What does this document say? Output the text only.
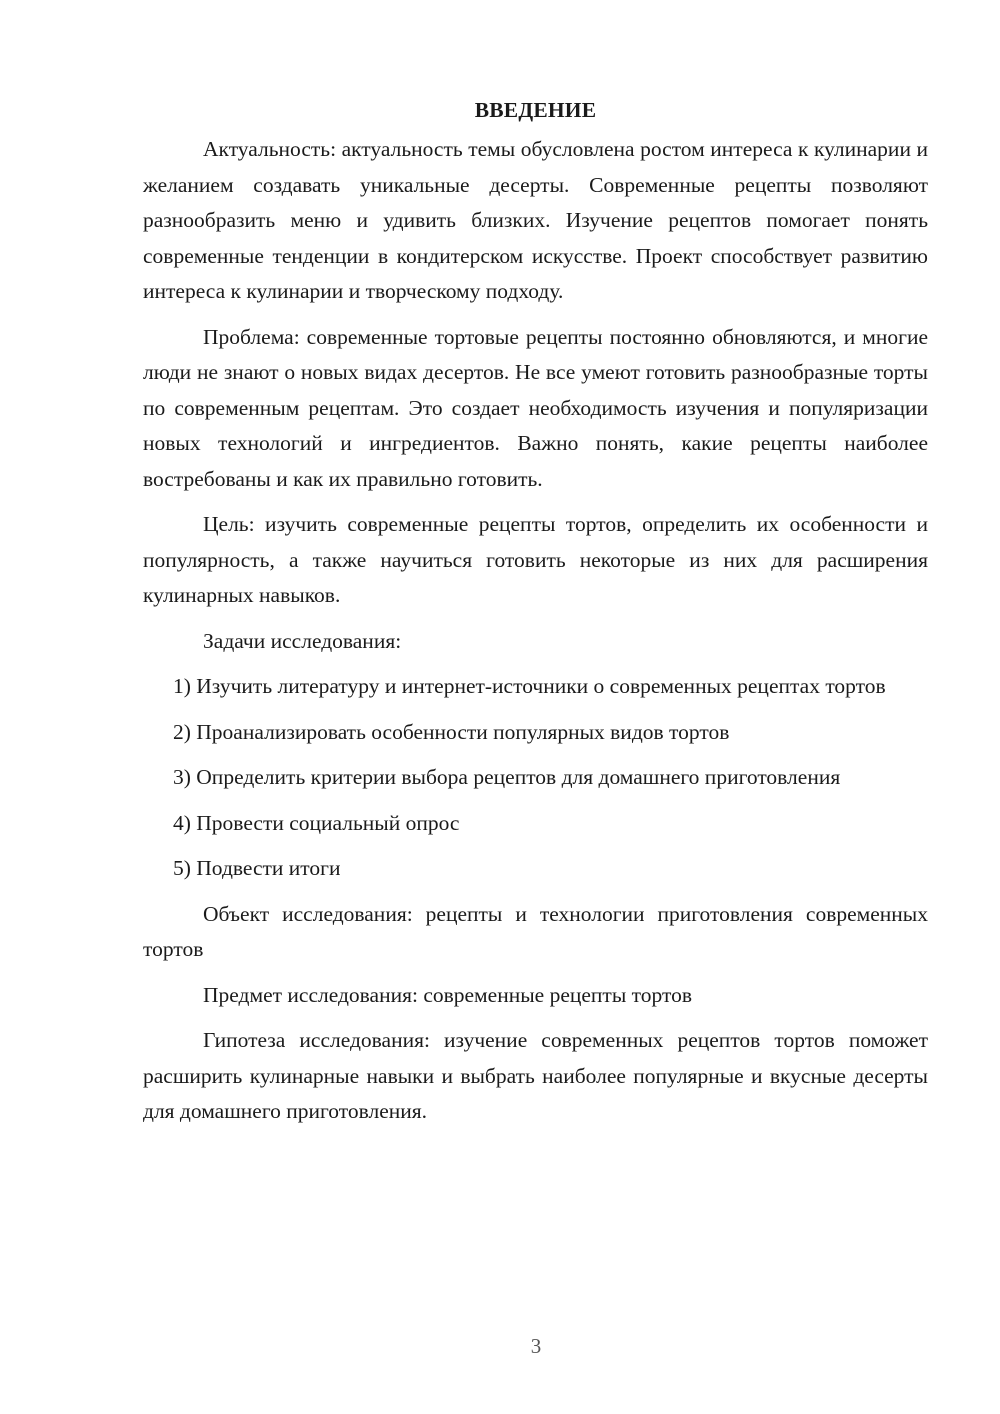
ВВЕДЕНИЕ

Актуальность: актуальность темы обусловлена ростом интереса к кулинарии и желанием создавать уникальные десерты. Современные рецепты позволяют разнообразить меню и удивить близких. Изучение рецептов помогает понять современные тенденции в кондитерском искусстве. Проект способствует развитию интереса к кулинарии и творческому подходу.

Проблема: современные тортовые рецепты постоянно обновляются, и многие люди не знают о новых видах десертов. Не все умеют готовить разнообразные торты по современным рецептам. Это создает необходимость изучения и популяризации новых технологий и ингредиентов. Важно понять, какие рецепты наиболее востребованы и как их правильно готовить.

Цель: изучить современные рецепты тортов, определить их особенности и популярность, а также научиться готовить некоторые из них для расширения кулинарных навыков.

Задачи исследования:

1) Изучить литературу и интернет-источники о современных рецептах тортов

2) Проанализировать особенности популярных видов тортов

3) Определить критерии выбора рецептов для домашнего приготовления

4) Провести социальный опрос

5) Подвести итоги

Объект исследования: рецепты и технологии приготовления современных тортов

Предмет исследования: современные рецепты тортов

Гипотеза исследования: изучение современных рецептов тортов поможет расширить кулинарные навыки и выбрать наиболее популярные и вкусные десерты для домашнего приготовления.

3
